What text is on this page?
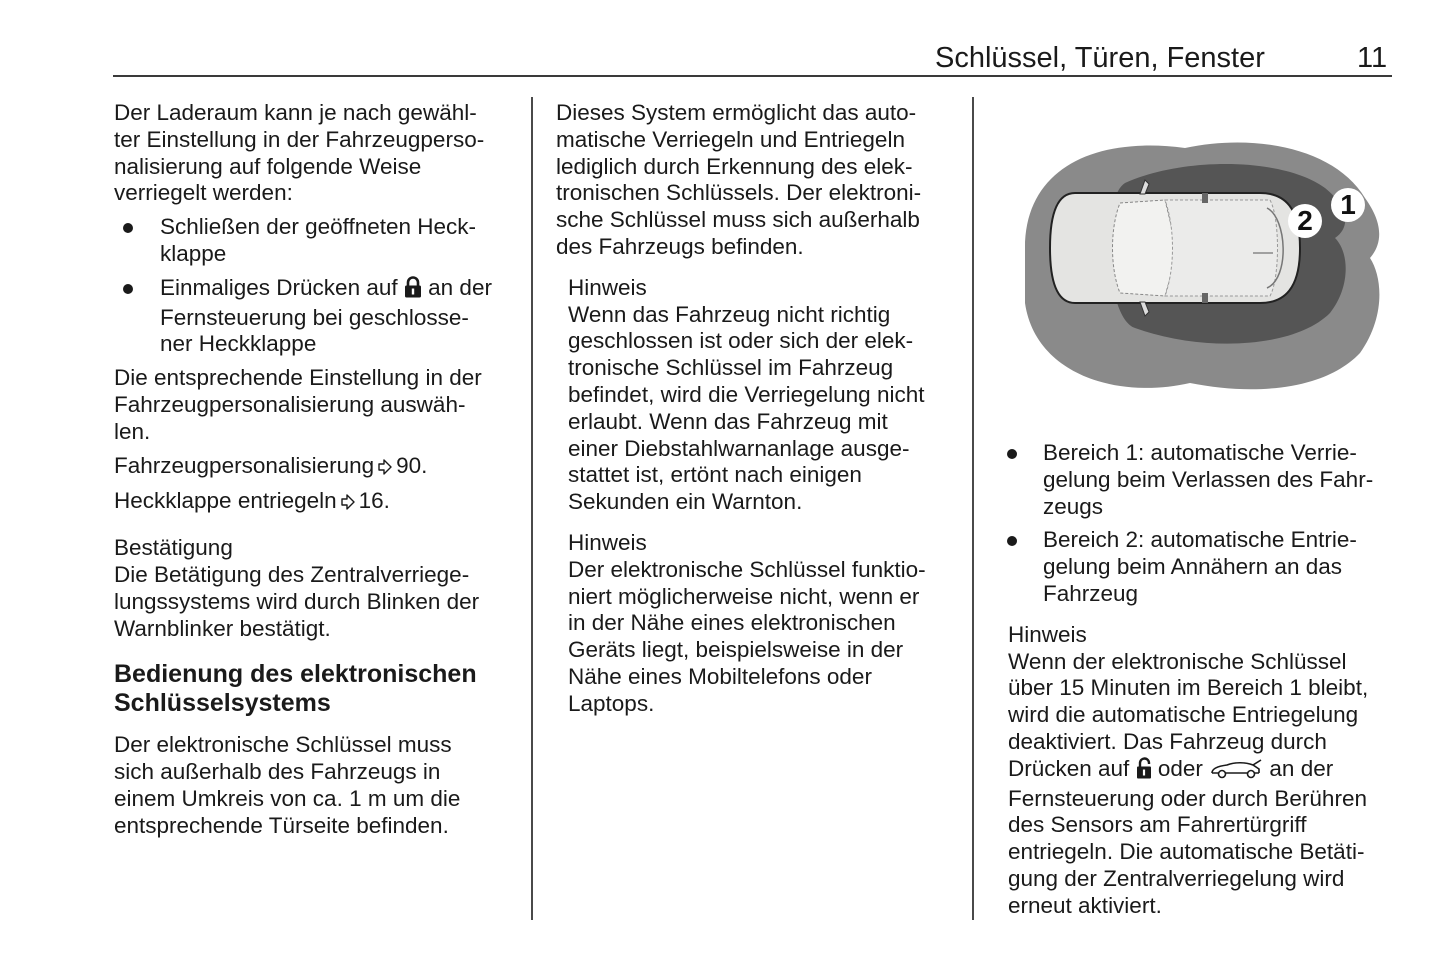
Schlüssel, Türen, Fenster	11

Der Laderaum kann je nach gewähl-
ter Einstellung in der Fahrzeugperso-
nalisierung auf folgende Weise
verriegelt werden:

Schließen der geöffneten Heck-
klappe
Einmaliges Drücken auf an der
Fernsteuerung bei geschlosse-
ner Heckklappe

Die entsprechende Einstellung in der
Fahrzeugpersonalisierung auswäh-
len.

Fahrzeugpersonalisierung 90.

Heckklappe entriegeln 16.

Bestätigung

Die Betätigung des Zentralverriege-
lungssystems wird durch Blinken der
Warnblinker bestätigt.

Bedienung des elektronischen
Schlüsselsystems

Der elektronische Schlüssel muss
sich außerhalb des Fahrzeugs in
einem Umkreis von ca. 1 m um die
entsprechende Türseite befinden.

Dieses System ermöglicht das auto-
matische Verriegeln und Entriegeln
lediglich durch Erkennung des elek-
tronischen Schlüssels. Der elektroni-
sche Schlüssel muss sich außerhalb
des Fahrzeugs befinden.

Hinweis

Wenn das Fahrzeug nicht richtig
geschlossen ist oder sich der elek-
tronische Schlüssel im Fahrzeug
befindet, wird die Verriegelung nicht
erlaubt. Wenn das Fahrzeug mit
einer Diebstahlwarnanlage ausge-
stattet ist, ertönt nach einigen
Sekunden ein Warnton.

Hinweis

Der elektronische Schlüssel funktio-
niert möglicherweise nicht, wenn er
in der Nähe eines elektronischen
Geräts liegt, beispielsweise in der
Nähe eines Mobiltelefons oder
Laptops.

2
1
Bereich 1: automatische Verrie-
gelung beim Verlassen des Fahr-
zeugs
Bereich 2: automatische Entrie-
gelung beim Annähern an das
Fahrzeug

Hinweis

Wenn der elektronische Schlüssel
über 15 Minuten im Bereich 1 bleibt,
wird die automatische Entriegelung
deaktiviert. Das Fahrzeug durch
Drücken auf oder	an der
Fernsteuerung oder durch Berühren
des Sensors am Fahrertürgriff
entriegeln. Die automatische Betäti-
gung der Zentralverriegelung wird
erneut aktiviert.
